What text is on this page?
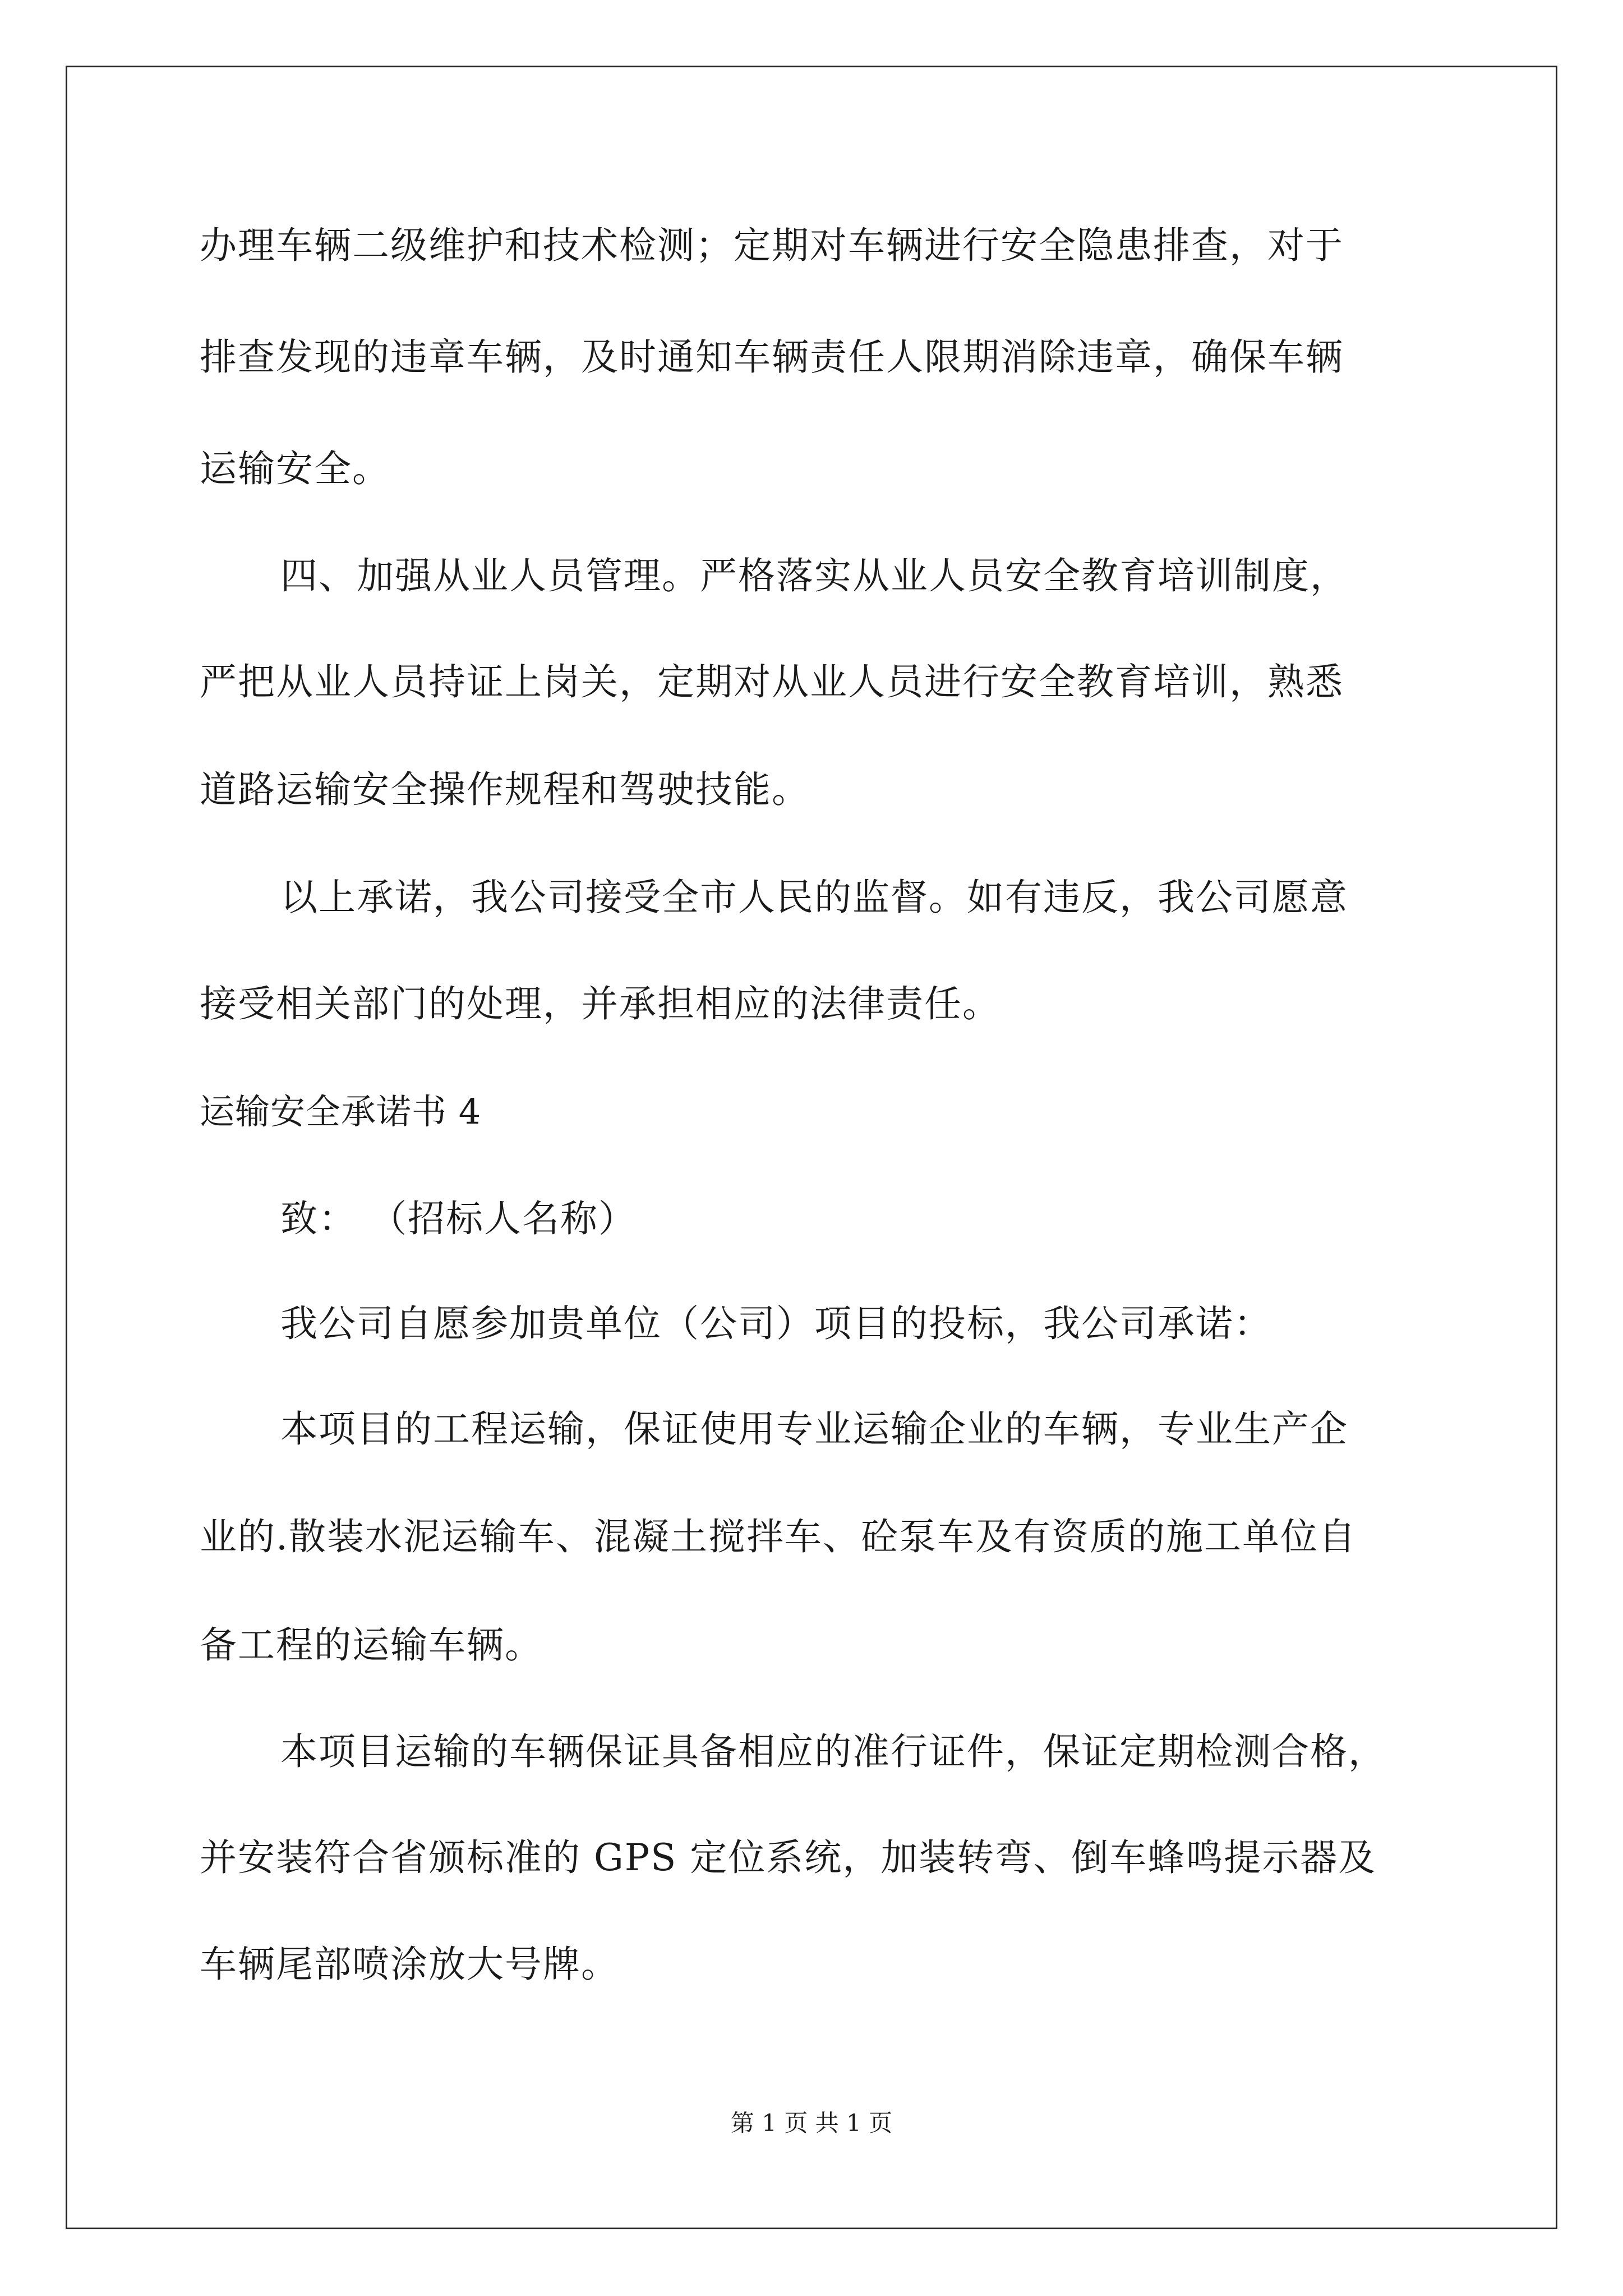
办理车辆二级维护和技术检测；定期对车辆进行安全隐患排查，对于
排查发现的违章车辆，及时通知车辆责任人限期消除违章，确保车辆
运输安全。
四、加强从业人员管理。严格落实从业人员安全教育培训制度，
严把从业人员持证上岗关，定期对从业人员进行安全教育培训，熟悉
道路运输安全操作规程和驾驶技能。
以上承诺，我公司接受全市人民的监督。如有违反，我公司愿意
接受相关部门的处理，并承担相应的法律责任。
运输安全承诺书 4
致： （招标人名称）
我公司自愿参加贵单位（公司）项目的投标，我公司承诺：
本项目的工程运输，保证使用专业运输企业的车辆，专业生产企
业的.散装水泥运输车、混凝土搅拌车、砼泵车及有资质的施工单位自
备工程的运输车辆。
本项目运输的车辆保证具备相应的准行证件，保证定期检测合格，
并安装符合省颁标准的 GPS 定位系统，加装转弯、倒车蜂鸣提示器及
车辆尾部喷涂放大号牌。
第 1 页 共 1 页
